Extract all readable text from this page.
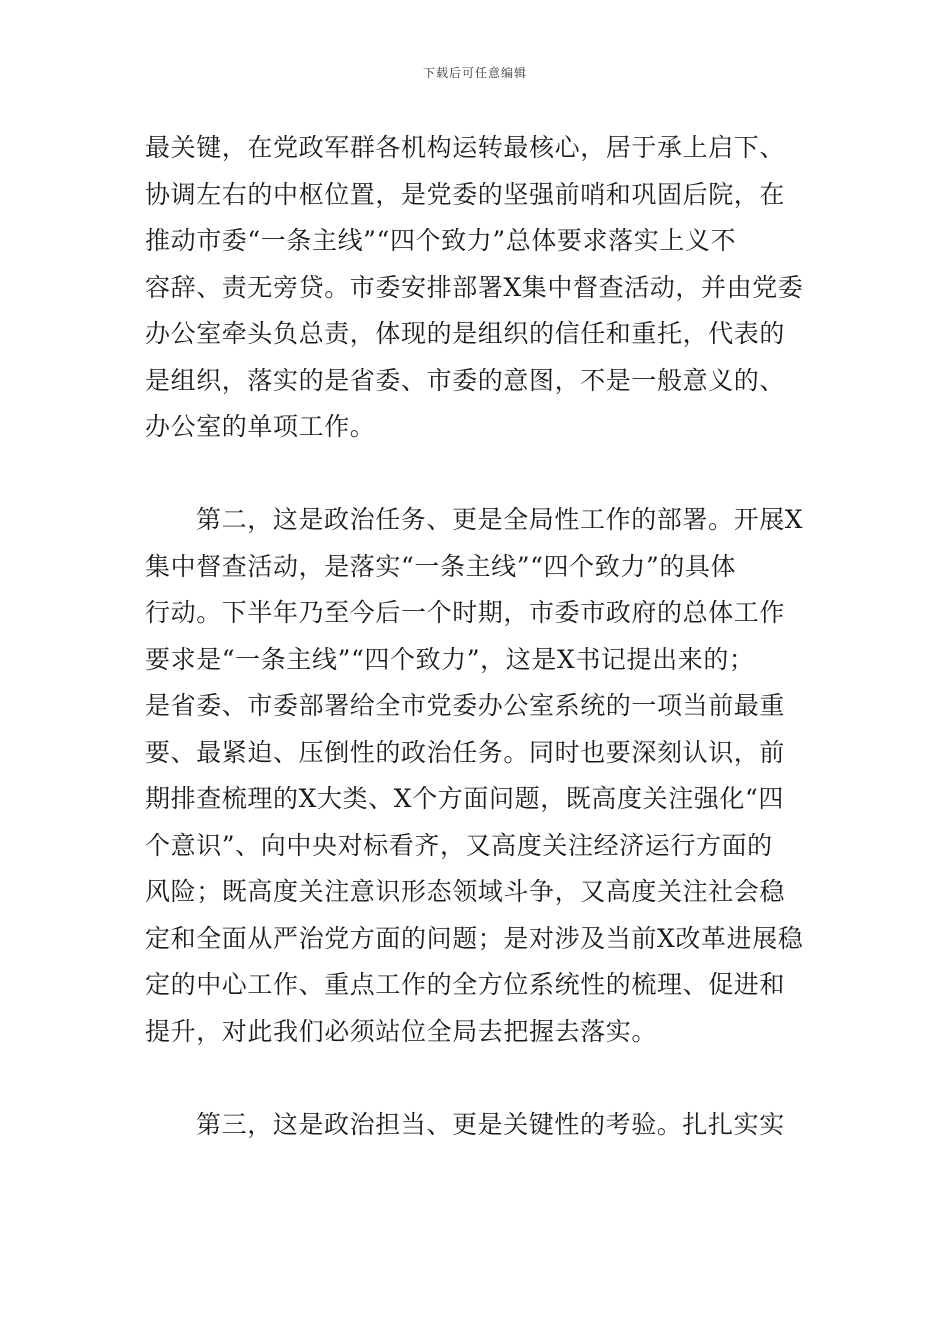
下载后可任意编辑
最关键，在党政军群各机构运转最核心，居于承上启下、
协调左右的中枢位置，是党委的坚强前哨和巩固后院，在
推动市委“一条主线”“四个致力”总体要求落实上义不
容辞、责无旁贷。市委安排部署X集中督查活动，并由党委
办公室牵头负总责，体现的是组织的信任和重托，代表的
是组织，落实的是省委、市委的意图，不是一般意义的、
办公室的单项工作。
第二，这是政治任务、更是全局性工作的部署。开展X
集中督查活动，是落实“一条主线”“四个致力”的具体
行动。下半年乃至今后一个时期，市委市政府的总体工作
要求是“一条主线”“四个致力”，这是X书记提出来的；
是省委、市委部署给全市党委办公室系统的一项当前最重
要、最紧迫、压倒性的政治任务。同时也要深刻认识，前
期排查梳理的X大类、X个方面问题，既高度关注强化“四
个意识”、向中央对标看齐，又高度关注经济运行方面的
风险；既高度关注意识形态领域斗争，又高度关注社会稳
定和全面从严治党方面的问题；是对涉及当前X改革进展稳
定的中心工作、重点工作的全方位系统性的梳理、促进和
提升，对此我们必须站位全局去把握去落实。
第三，这是政治担当、更是关键性的考验。扎扎实实
